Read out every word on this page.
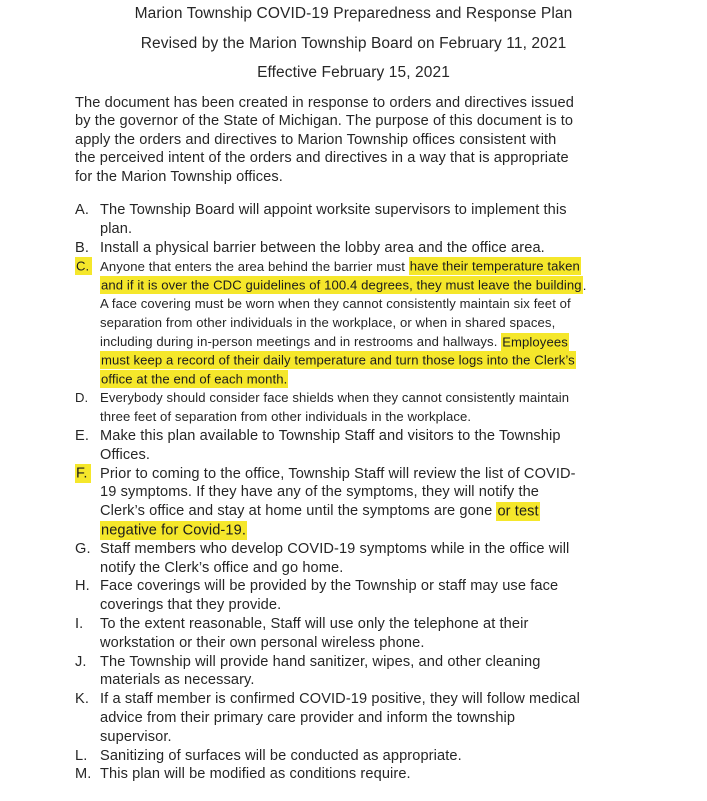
Marion Township COVID-19 Preparedness and Response Plan
Revised by the Marion Township Board on February 11, 2021
Effective February 15, 2021
The document has been created in response to orders and directives issued
by the governor of the State of Michigan. The purpose of this document is to
apply the orders and directives to Marion Township offices consistent with
the perceived intent of the orders and directives in a way that is appropriate
for the Marion Township offices.
A. The Township Board will appoint worksite supervisors to implement this
plan.
B. Install a physical barrier between the lobby area and the office area.
C. Anyone that enters the area behind the barrier must have their temperature taken
and if it is over the CDC guidelines of 100.4 degrees, they must leave the building.
A face covering must be worn when they cannot consistently maintain six feet of
separation from other individuals in the workplace, or when in shared spaces,
including during in-person meetings and in restrooms and hallways. Employees
must keep a record of their daily temperature and turn those logs into the Clerk’s
office at the end of each month.
D. Everybody should consider face shields when they cannot consistently maintain
three feet of separation from other individuals in the workplace.
E. Make this plan available to Township Staff and visitors to the Township
Offices.
F. Prior to coming to the office, Township Staff will review the list of COVID-
19 symptoms. If they have any of the symptoms, they will notify the
Clerk’s office and stay at home until the symptoms are gone or test
negative for Covid-19.
G. Staff members who develop COVID-19 symptoms while in the office will
notify the Clerk’s office and go home.
H. Face coverings will be provided by the Township or staff may use face
coverings that they provide.
I. To the extent reasonable, Staff will use only the telephone at their
workstation or their own personal wireless phone.
J. The Township will provide hand sanitizer, wipes, and other cleaning
materials as necessary.
K. If a staff member is confirmed COVID-19 positive, they will follow medical
advice from their primary care provider and inform the township
supervisor.
L. Sanitizing of surfaces will be conducted as appropriate.
M. This plan will be modified as conditions require.
